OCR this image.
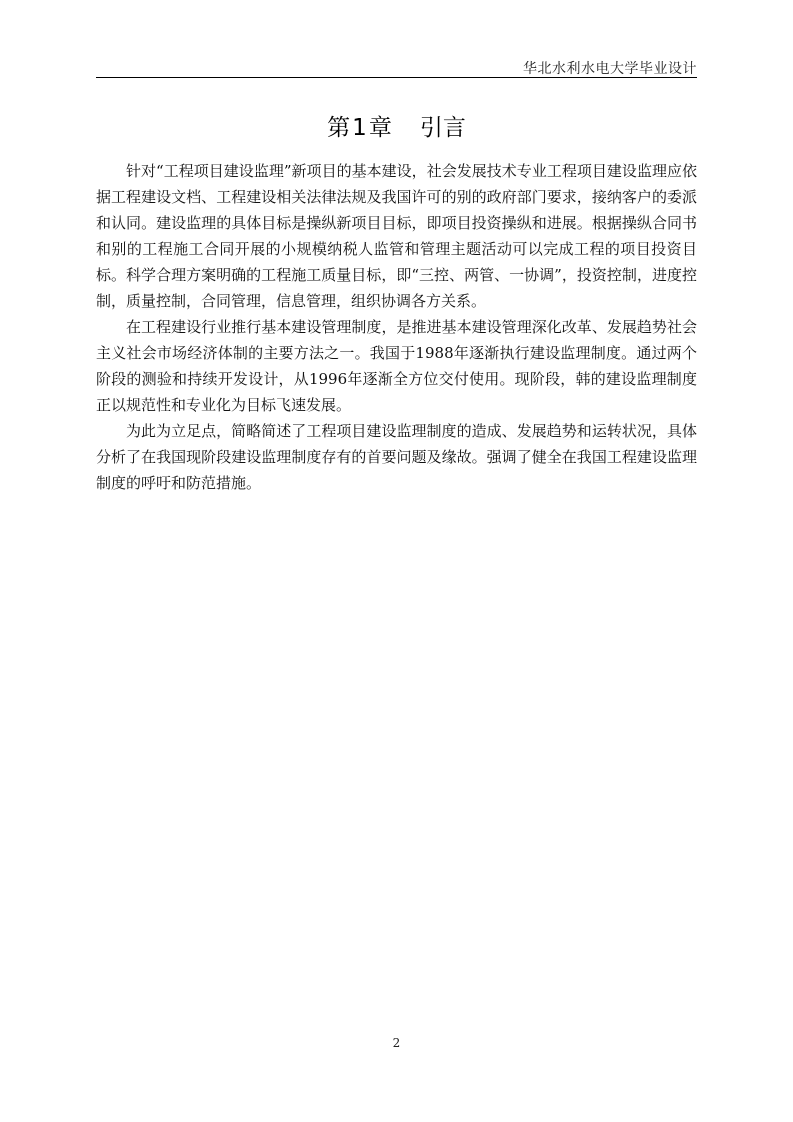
华北水利水电大学毕业设计
第1章 引言

针对“工程项目建设监理”新项目的基本建设，社会发展技术专业工程项目建设监理应依据工程建设文档、工程建设相关法律法规及我国许可的别的政府部门要求，接纳客户的委派和认同。建设监理的具体目标是操纵新项目目标，即项目投资操纵和进展。根据操纵合同书和别的工程施工合同开展的小规模纳税人监管和管理主题活动可以完成工程的项目投资目标。科学合理方案明确的工程施工质量目标，即“三控、两管、一协调”，投资控制，进度控制，质量控制，合同管理，信息管理，组织协调各方关系。

在工程建设行业推行基本建设管理制度，是推进基本建设管理深化改革、发展趋势社会主义社会市场经济体制的主要方法之一。我国于1988年逐渐执行建设监理制度。通过两个阶段的测验和持续开发设计，从1996年逐渐全方位交付使用。现阶段，韩的建设监理制度正以规范性和专业化为目标飞速发展。

为此为立足点，简略简述了工程项目建设监理制度的造成、发展趋势和运转状况，具体分析了在我国现阶段建设监理制度存有的首要问题及缘故。强调了健全在我国工程建设监理制度的呼吁和防范措施。

2
